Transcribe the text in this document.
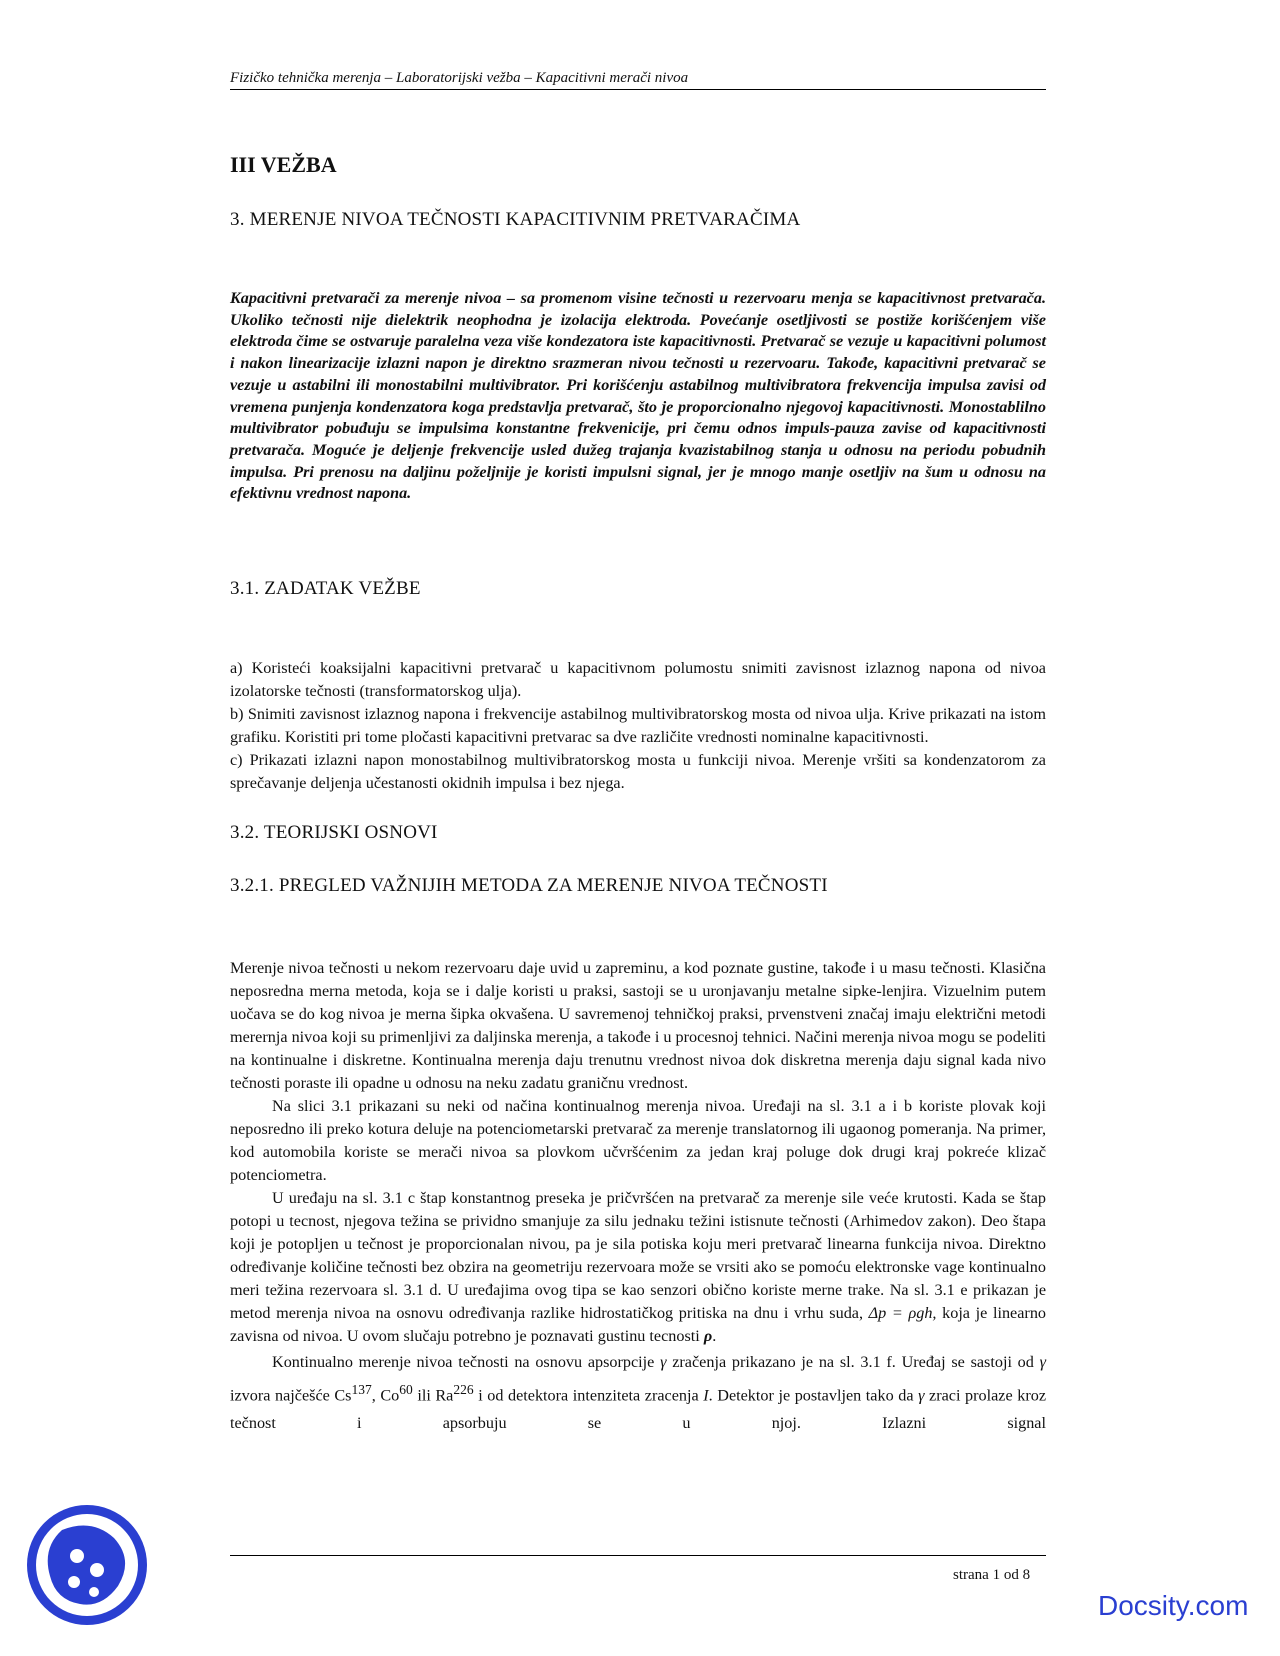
Fizičko tehnička merenja – Laboratorijski vežba – Kapacitivni merači nivoa
III VEŽBA
3. MERENJE NIVOA TEČNOSTI KAPACITIVNIM PRETVARAČIMA
Kapacitivni pretvarači za merenje nivoa – sa promenom visine tečnosti u rezervoaru menja se kapacitivnost pretvarača. Ukoliko tečnosti nije dielektrik neophodna je izolacija elektroda. Povećanje osetljivosti se postiže korišćenjem više elektroda čime se ostvaruje paralelna veza više kondezatora iste kapacitivnosti. Pretvarač se vezuje u kapacitivni polumost i nakon linearizacije izlazni napon je direktno srazmeran nivou tečnosti u rezervoaru. Takođe, kapacitivni pretvarač se vezuje u astabilni ili monostabilni multivibrator. Pri korišćenju astabilnog multivibratora frekvencija impulsa zavisi od vremena punjenja kondenzatora koga predstavlja pretvarač, što je proporcionalno njegovoj kapacitivnosti. Monostablilno multivibrator pobuđuju se impulsima konstantne frekvenicije, pri čemu odnos impuls-pauza zavise od kapacitivnosti pretvarača. Moguće je deljenje frekvencije usled dužeg trajanja kvazistabilnog stanja u odnosu na periodu pobudnih impulsa. Pri prenosu na daljinu poželjnije je koristi impulsni signal, jer je mnogo manje osetljiv na šum u odnosu na efektivnu vrednost napona.
3.1. ZADATAK VEŽBE

a) Koristeći koaksijalni kapacitivni pretvarač u kapacitivnom polumostu snimiti zavisnost izlaznog napona od nivoa izolatorske tečnosti (transformatorskog ulja).

b) Snimiti zavisnost izlaznog napona i frekvencije astabilnog multivibratorskog mosta od nivoa ulja. Krive prikazati na istom grafiku. Koristiti pri tome pločasti kapacitivni pretvarac sa dve različite vrednosti nominalne kapacitivnosti.

c) Prikazati izlazni napon monostabilnog multivibratorskog mosta u funkciji nivoa. Merenje vršiti sa kondenzatorom za sprečavanje deljenja učestanosti okidnih impulsa i bez njega.

3.2. TEORIJSKI OSNOVI
3.2.1. PREGLED VAŽNIJIH METODA ZA MERENJE NIVOA TEČNOSTI

Merenje nivoa tečnosti u nekom rezervoaru daje uvid u zapreminu, a kod poznate gustine, takođe i u masu tečnosti. Klasična neposredna merna metoda, koja se i dalje koristi u praksi, sastoji se u uronjavanju metalne sipke-lenjira. Vizuelnim putem uočava se do kog nivoa je merna šipka okvašena. U savremenoj tehničkoj praksi, prvenstveni značaj imaju električni metodi merernja nivoa koji su primenljivi za daljinska merenja, a takođe i u procesnoj tehnici. Načini merenja nivoa mogu se podeliti na kontinualne i diskretne. Kontinualna merenja daju trenutnu vrednost nivoa dok diskretna merenja daju signal kada nivo tečnosti poraste ili opadne u odnosu na neku zadatu graničnu vrednost.

Na slici 3.1 prikazani su neki od načina kontinualnog merenja nivoa. Uređaji na sl. 3.1 a i b koriste plovak koji neposredno ili preko kotura deluje na potenciometarski pretvarač za merenje translatornog ili ugaonog pomeranja. Na primer, kod automobila koriste se merači nivoa sa plovkom učvršćenim za jedan kraj poluge dok drugi kraj pokreće klizač potenciometra.

U uređaju na sl. 3.1 c štap konstantnog preseka je pričvršćen na pretvarač za merenje sile veće krutosti. Kada se štap potopi u tecnost, njegova težina se prividno smanjuje za silu jednaku težini istisnute tečnosti (Arhimedov zakon). Deo štapa koji je potopljen u tečnost je proporcionalan nivou, pa je sila potiska koju meri pretvarač linearna funkcija nivoa. Direktno određivanje količine tečnosti bez obzira na geometriju rezervoara može se vrsiti ako se pomoću elektronske vage kontinualno meri težina rezervoara sl. 3.1 d. U uređajima ovog tipa se kao senzori obično koriste merne trake. Na sl. 3.1 e prikazan je metod merenja nivoa na osnovu određivanja razlike hidrostatičkog pritiska na dnu i vrhu suda, Δp = ρgh, koja je linearno zavisna od nivoa. U ovom slučaju potrebno je poznavati gustinu tecnosti ρ.

Kontinualno merenje nivoa tečnosti na osnovu apsorpcije γ zračenja prikazano je na sl. 3.1 f. Uređaj se sastoji od γ izvora najčešće Cs$^{137}$, Co$^{60}$ ili Ra$^{226}$ i od detektora intenziteta zracenja I. Detektor je postavljen tako da γ zraci prolaze kroz tečnost i apsorbuju se u njoj. Izlazni signal

strana 1 od 8
Docsity.com
